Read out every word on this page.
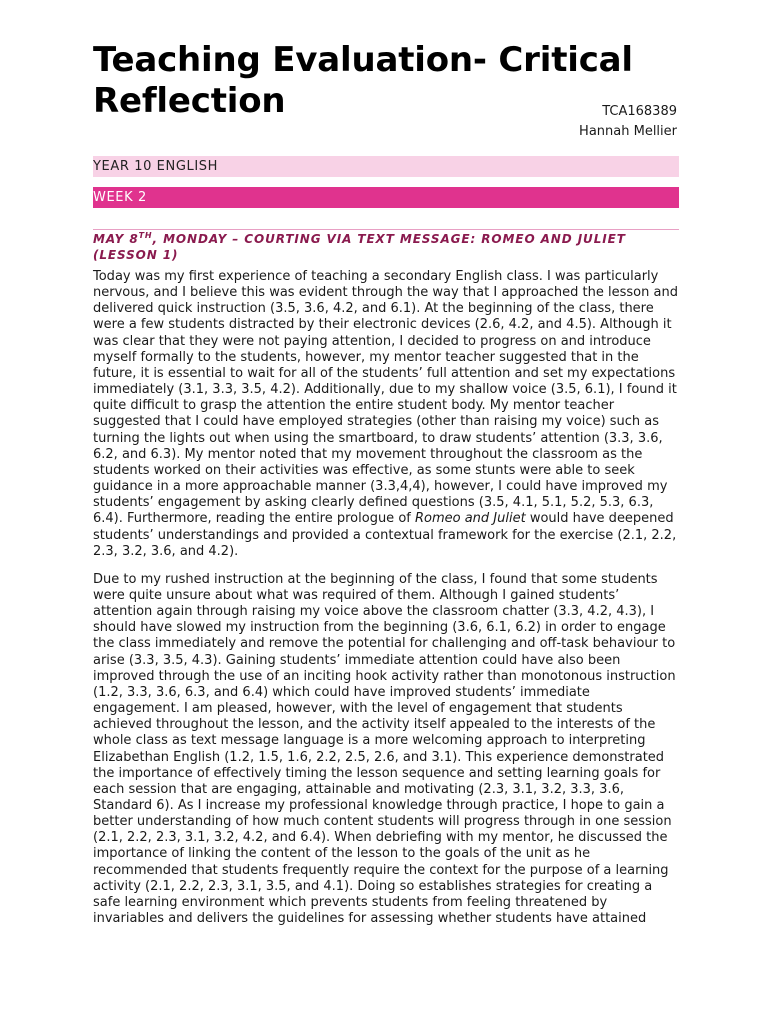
Teaching Evaluation- Critical Reflection	TCA168389
Hannah Mellier
YEAR 10 ENGLISH
WEEK 2
MAY 8TH, MONDAY – COURTING VIA TEXT MESSAGE: ROMEO AND JULIET (LESSON 1)

Today was my first experience of teaching a secondary English class. I was particularly nervous, and I believe this was evident through the way that I approached the lesson and delivered quick instruction (3.5, 3.6, 4.2, and 6.1). At the beginning of the class, there were a few students distracted by their electronic devices (2.6, 4.2, and 4.5). Although it was clear that they were not paying attention, I decided to progress on and introduce myself formally to the students, however, my mentor teacher suggested that in the future, it is essential to wait for all of the students’ full attention and set my expectations immediately (3.1, 3.3, 3.5, 4.2). Additionally, due to my shallow voice (3.5, 6.1), I found it quite difficult to grasp the attention the entire student body. My mentor teacher suggested that I could have employed strategies (other than raising my voice) such as turning the lights out when using the smartboard, to draw students’ attention (3.3, 3.6, 6.2, and 6.3). My mentor noted that my movement throughout the classroom as the students worked on their activities was effective, as some stunts were able to seek guidance in a more approachable manner (3.3,4,4), however, I could have improved my students’ engagement by asking clearly defined questions (3.5, 4.1, 5.1, 5.2, 5.3, 6.3, 6.4). Furthermore, reading the entire prologue of Romeo and Juliet would have deepened students’ understandings and provided a contextual framework for the exercise (2.1, 2.2, 2.3, 3.2, 3.6, and 4.2).

Due to my rushed instruction at the beginning of the class, I found that some students were quite unsure about what was required of them. Although I gained students’ attention again through raising my voice above the classroom chatter (3.3, 4.2, 4.3), I should have slowed my instruction from the beginning (3.6, 6.1, 6.2) in order to engage the class immediately and remove the potential for challenging and off-task behaviour to arise (3.3, 3.5, 4.3). Gaining students’ immediate attention could have also been improved through the use of an inciting hook activity rather than monotonous instruction (1.2, 3.3, 3.6, 6.3, and 6.4) which could have improved students’ immediate engagement. I am pleased, however, with the level of engagement that students achieved throughout the lesson, and the activity itself appealed to the interests of the whole class as text message language is a more welcoming approach to interpreting Elizabethan English (1.2, 1.5, 1.6, 2.2, 2.5, 2.6, and 3.1). This experience demonstrated the importance of effectively timing the lesson sequence and setting learning goals for each session that are engaging, attainable and motivating (2.3, 3.1, 3.2, 3.3, 3.6, Standard 6). As I increase my professional knowledge through practice, I hope to gain a better understanding of how much content students will progress through in one session (2.1, 2.2, 2.3, 3.1, 3.2, 4.2, and 6.4). When debriefing with my mentor, he discussed the importance of linking the content of the lesson to the goals of the unit as he recommended that students frequently require the context for the purpose of a learning activity (2.1, 2.2, 2.3, 3.1, 3.5, and 4.1). Doing so establishes strategies for creating a safe learning environment which prevents students from feeling threatened by invariables and delivers the guidelines for assessing whether students have attained
